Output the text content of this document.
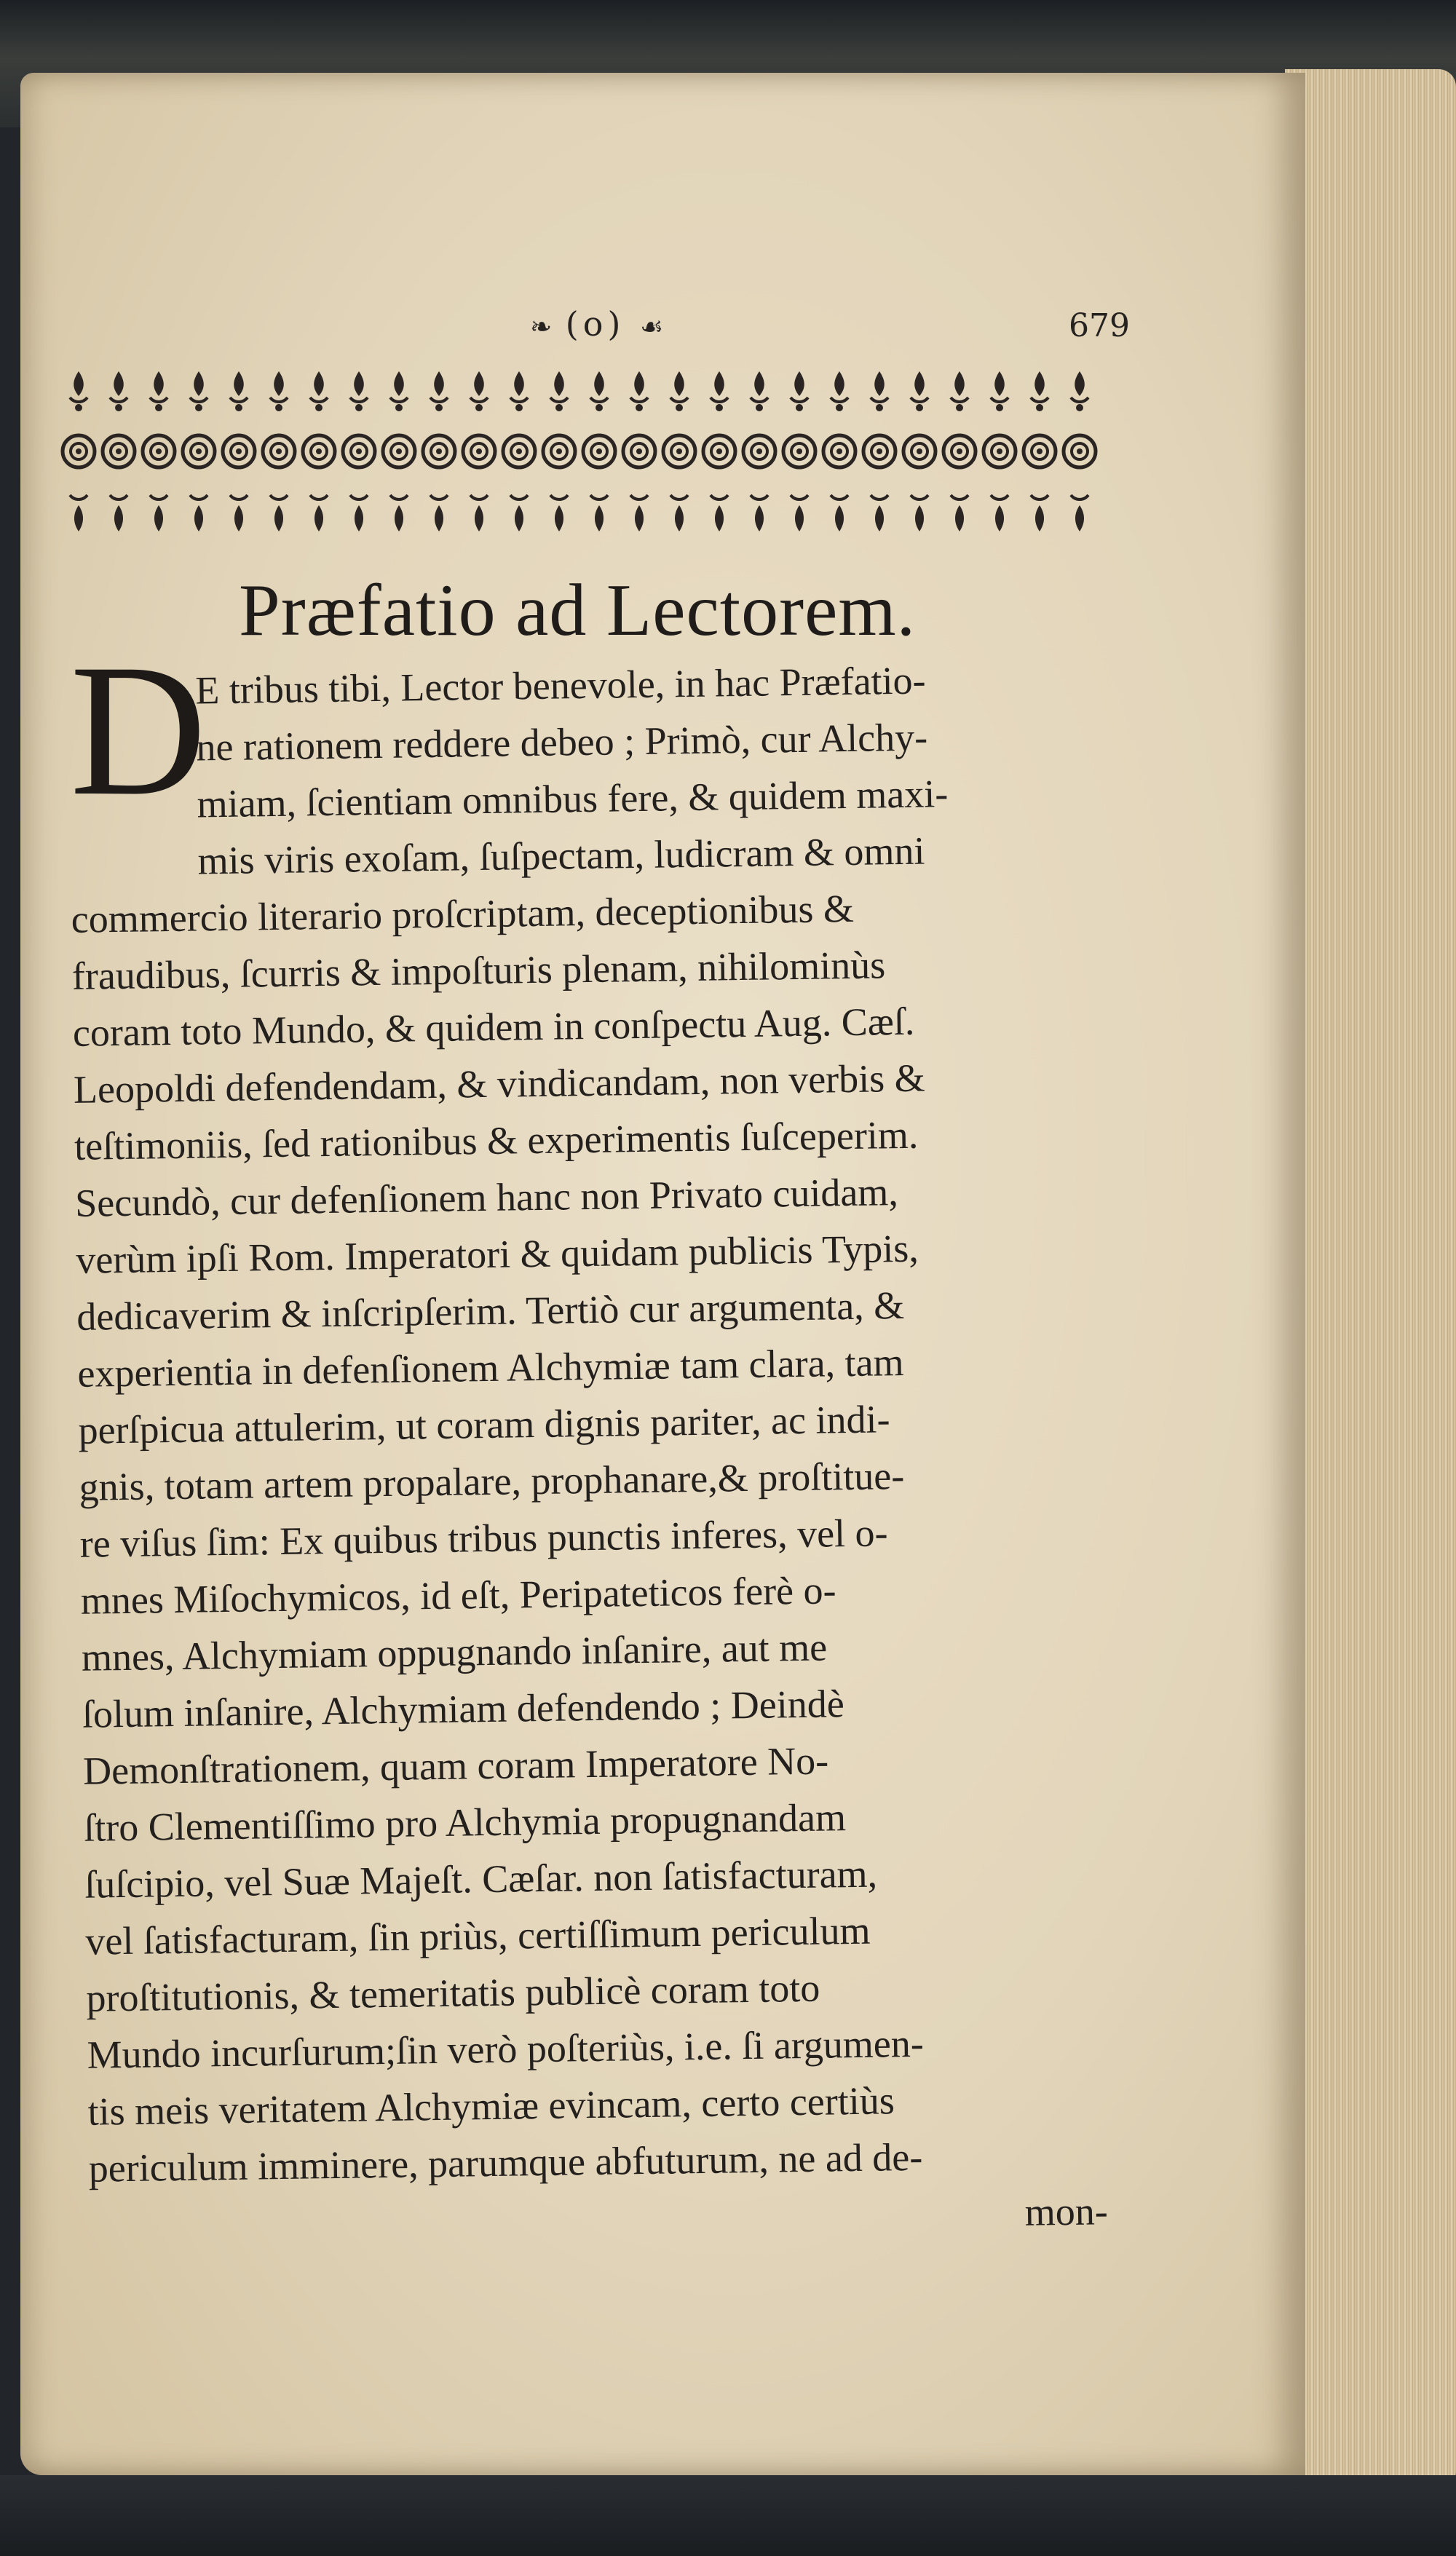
❧ (o) ☙	679
Præfatio ad Lectorem.
D
E tribus tibi, Lector benevole, in hac Præfatio-
ne rationem reddere debeo ; Primò, cur Alchy-
miam, ſcientiam omnibus fere, & quidem maxi-
mis viris exoſam, ſuſpectam, ludicram & omni
commercio literario proſcriptam, deceptionibus &
fraudibus, ſcurris & impoſturis plenam, nihilominùs
coram toto Mundo, & quidem in conſpectu Aug. Cæſ.
Leopoldi defendendam, & vindicandam, non verbis &
teſtimoniis, ſed rationibus & experimentis ſuſceperim.
Secundò, cur defenſionem hanc non Privato cuidam,
verùm ipſi Rom. Imperatori & quidam publicis Typis,
dedicaverim & inſcripſerim. Tertiò cur argumenta, &
experientia in defenſionem Alchymiæ tam clara, tam
perſpicua attulerim, ut coram dignis pariter, ac indi-
gnis, totam artem propalare, prophanare,& proſtitue-
re viſus ſim: Ex quibus tribus punctis inferes, vel o-
mnes Miſochymicos, id eſt, Peripateticos ferè o-
mnes, Alchymiam oppugnando inſanire, aut me
ſolum inſanire, Alchymiam defendendo ; Deindè
Demonſtrationem, quam coram Imperatore No-
ſtro Clementiſſimo pro Alchymia propugnandam
ſuſcipio, vel Suæ Majeſt. Cæſar. non ſatisfacturam,
vel ſatisfacturam, ſin priùs, certiſſimum periculum
proſtitutionis, & temeritatis publicè coram toto
Mundo incurſurum;ſin verò poſteriùs, i.e. ſi argumen-
tis meis veritatem Alchymiæ evincam, certo certiùs
periculum imminere, parumque abfuturum, ne ad de-
mon-
